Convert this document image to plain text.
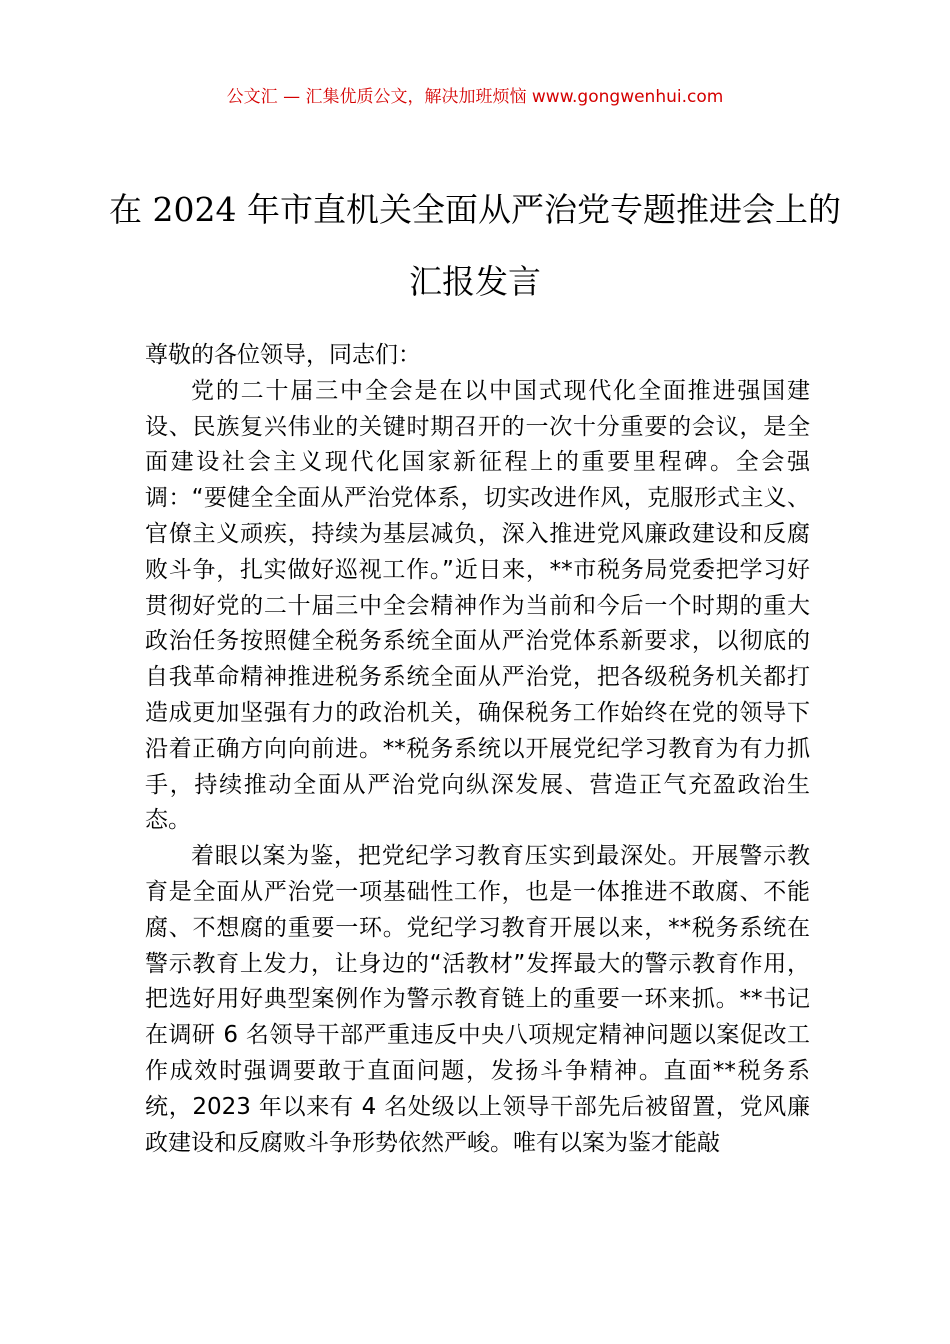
公文汇 — 汇集优质公文，解决加班烦恼 www.gongwenhui.com
在 2024 年市直机关全面从严治党专题推进会上的汇报发言

尊敬的各位领导，同志们：

党的二十届三中全会是在以中国式现代化全面推进强国建设、民族复兴伟业的关键时期召开的一次十分重要的会议，是全面建设社会主义现代化国家新征程上的重要里程碑。全会强调：“要健全全面从严治党体系，切实改进作风，克服形式主义、官僚主义顽疾，持续为基层减负，深入推进党风廉政建设和反腐败斗争，扎实做好巡视工作。”近日来，**市税务局党委把学习好贯彻好党的二十届三中全会精神作为当前和今后一个时期的重大政治任务按照健全税务系统全面从严治党体系新要求，以彻底的自我革命精神推进税务系统全面从严治党，把各级税务机关都打造成更加坚强有力的政治机关，确保税务工作始终在党的领导下沿着正确方向向前进。**税务系统以开展党纪学习教育为有力抓手，持续推动全面从严治党向纵深发展、营造正气充盈政治生态。

着眼以案为鉴，把党纪学习教育压实到最深处。开展警示教育是全面从严治党一项基础性工作，也是一体推进不敢腐、不能腐、不想腐的重要一环。党纪学习教育开展以来，**税务系统在警示教育上发力，让身边的“活教材”发挥最大的警示教育作用，把选好用好典型案例作为警示教育链上的重要一环来抓。**书记在调研 6 名领导干部严重违反中央八项规定精神问题以案促改工作成效时强调要敢于直面问题，发扬斗争精神。直面**税务系统，2023 年以来有 4 名处级以上领导干部先后被留置，党风廉政建设和反腐败斗争形势依然严峻。唯有以案为鉴才能敲
